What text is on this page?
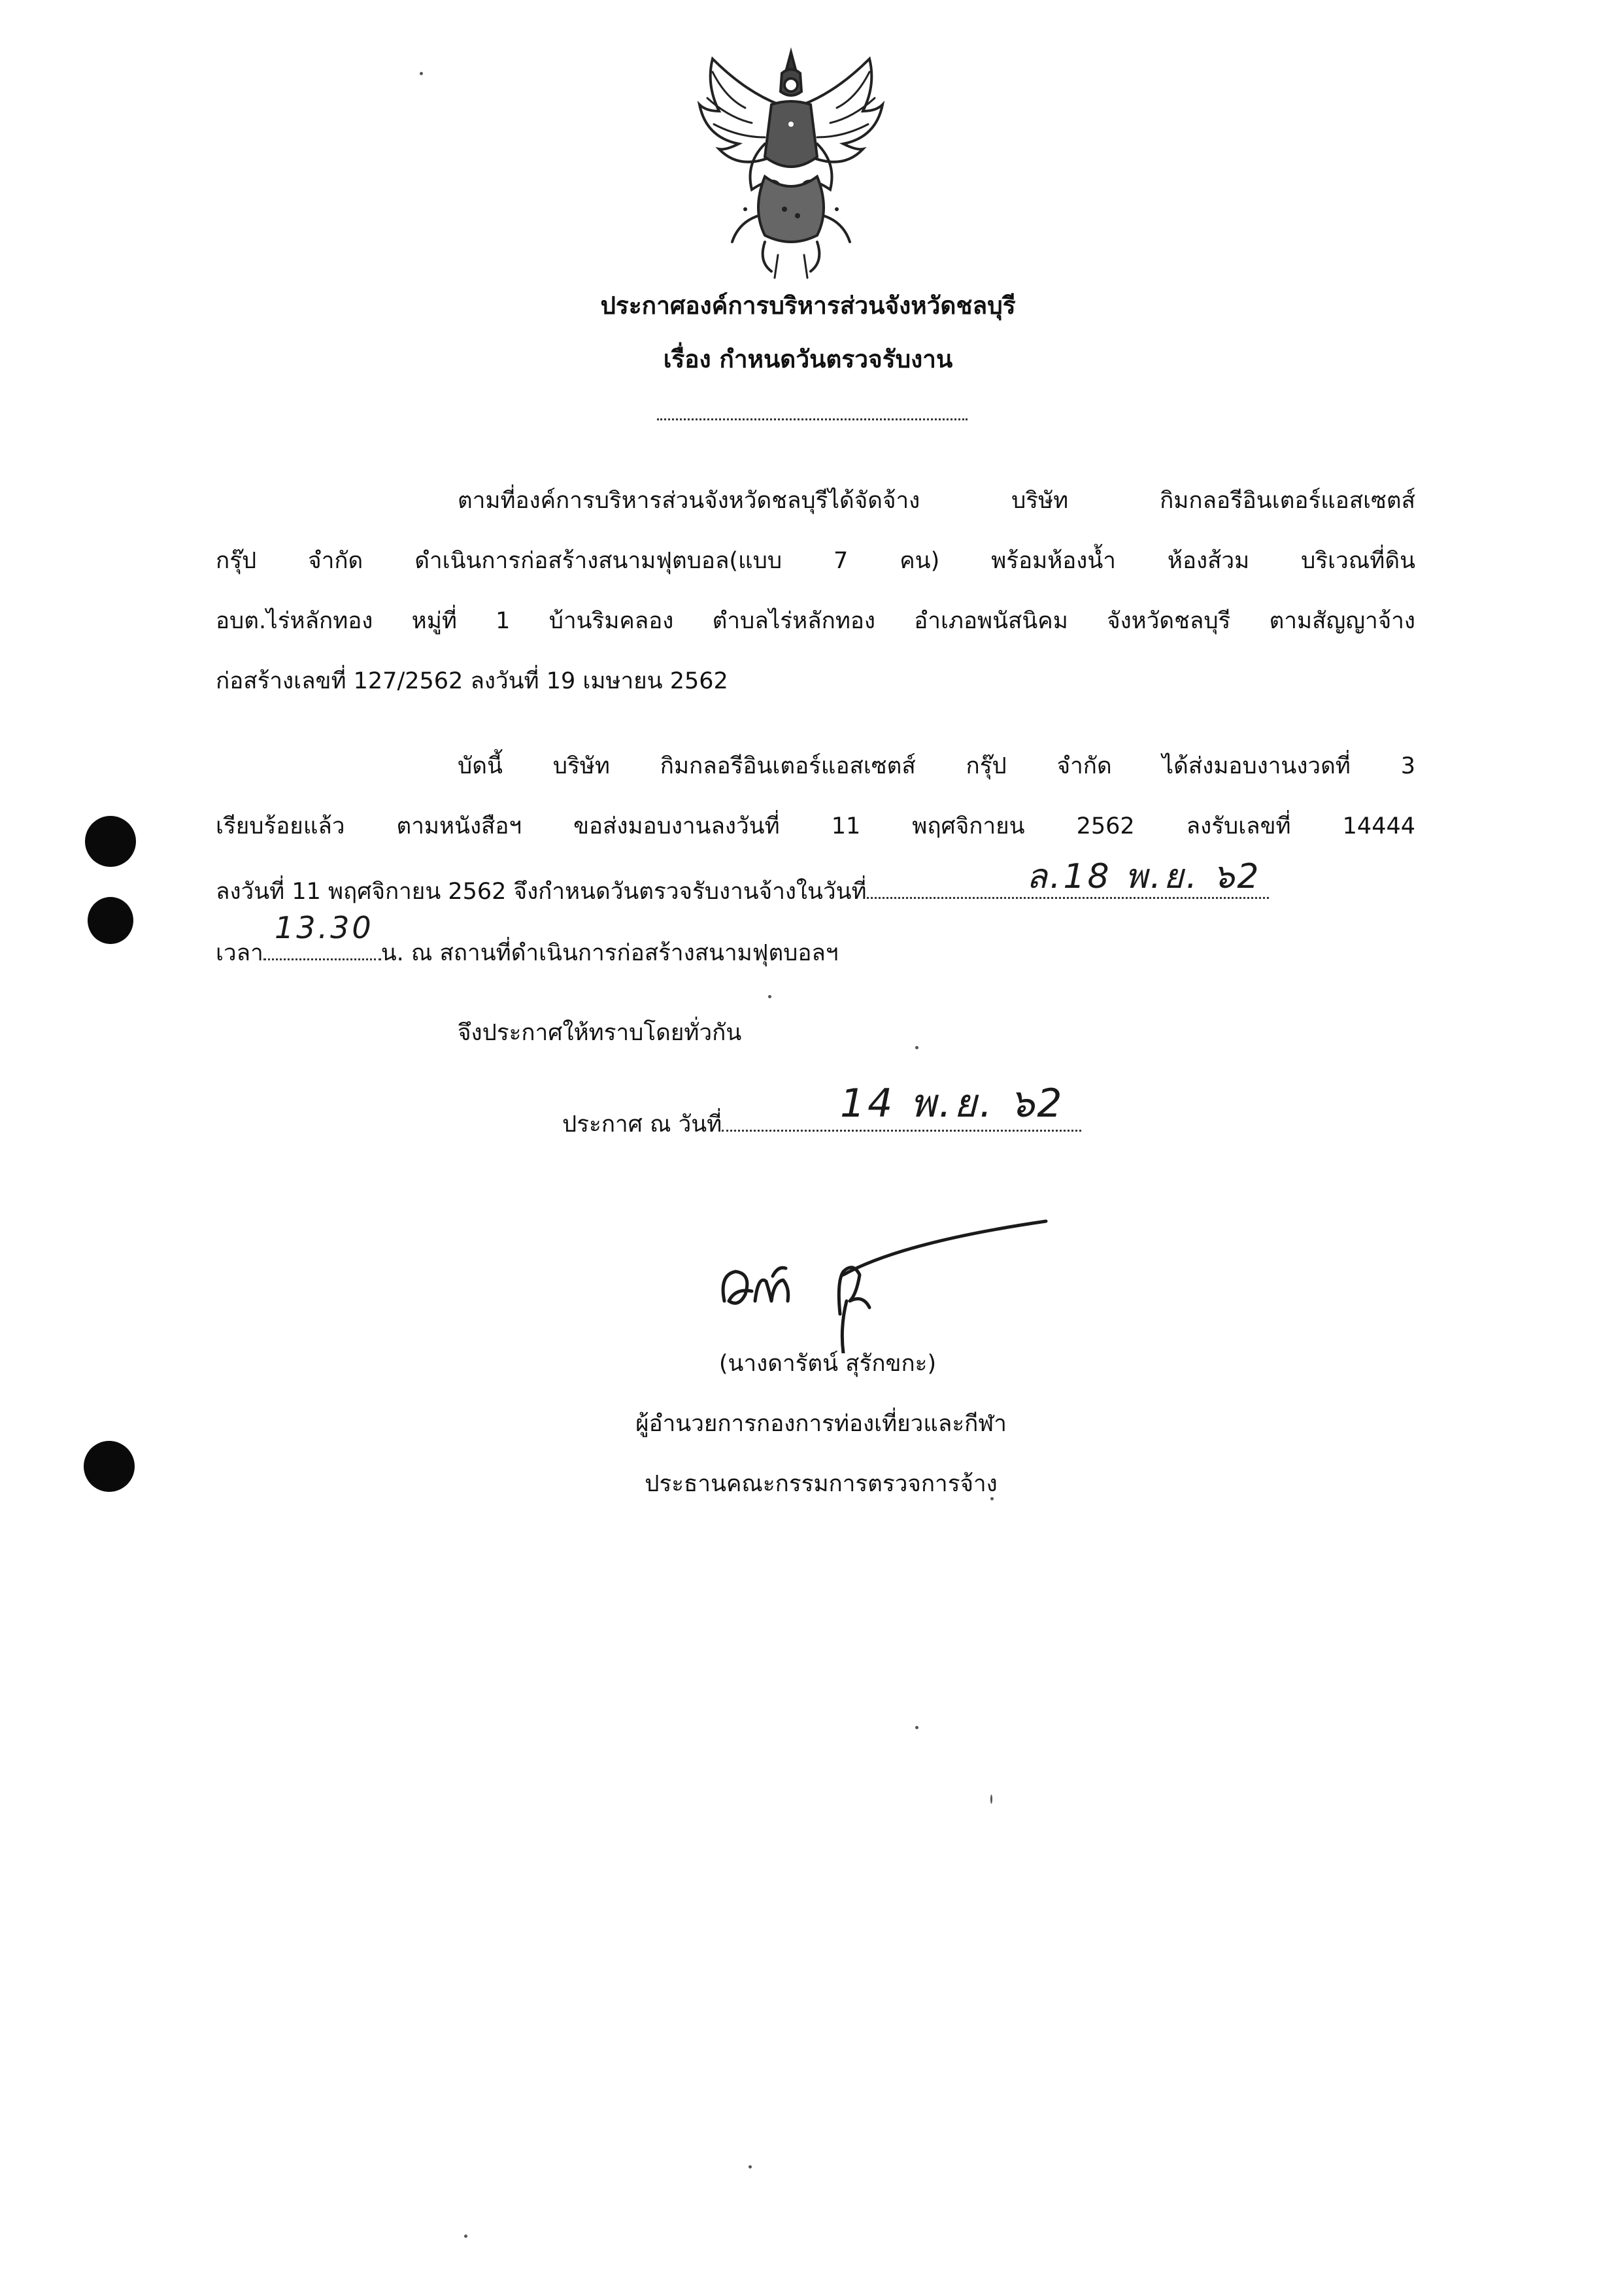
ประกาศองค์การบริหารส่วนจังหวัดชลบุรี
เรื่อง กำหนดวันตรวจรับงาน
ตามที่องค์การบริหารส่วนจังหวัดชลบุรีได้จัดจ้าง บริษัท กิมกลอรีอินเตอร์แอสเซตส์
กรุ๊ป จำกัด ดำเนินการก่อสร้างสนามฟุตบอล(แบบ 7 คน) พร้อมห้องน้ำ ห้องส้วม บริเวณที่ดิน
อบต.ไร่หลักทอง หมู่ที่ 1 บ้านริมคลอง ตำบลไร่หลักทอง อำเภอพนัสนิคม จังหวัดชลบุรี ตามสัญญาจ้าง
ก่อสร้างเลขที่ 127/2562 ลงวันที่ 19 เมษายน 2562
บัดนี้ บริษัท กิมกลอรีอินเตอร์แอสเซตส์ กรุ๊ป จำกัด ได้ส่งมอบงานงวดที่ 3
เรียบร้อยแล้ว ตามหนังสือฯ ขอส่งมอบงานลงวันที่ 11 พฤศจิกายน 2562 ลงรับเลขที่ 14444
ลงวันที่ 11 พฤศจิกายน 2562 จึงกำหนดวันตรวจรับงานจ้างในวันที่	ล.18 พ.ย. ๖2
เวลา	น. ณ สถานที่ดำเนินการก่อสร้างสนามฟุตบอลฯ
13.30
จึงประกาศให้ทราบโดยทั่วกัน
ประกาศ ณ วันที่	14 พ.ย. ๖2
(นางดารัตน์ สุรักขกะ)
ผู้อำนวยการกองการท่องเที่ยวและกีฬา
ประธานคณะกรรมการตรวจการจ้าง
